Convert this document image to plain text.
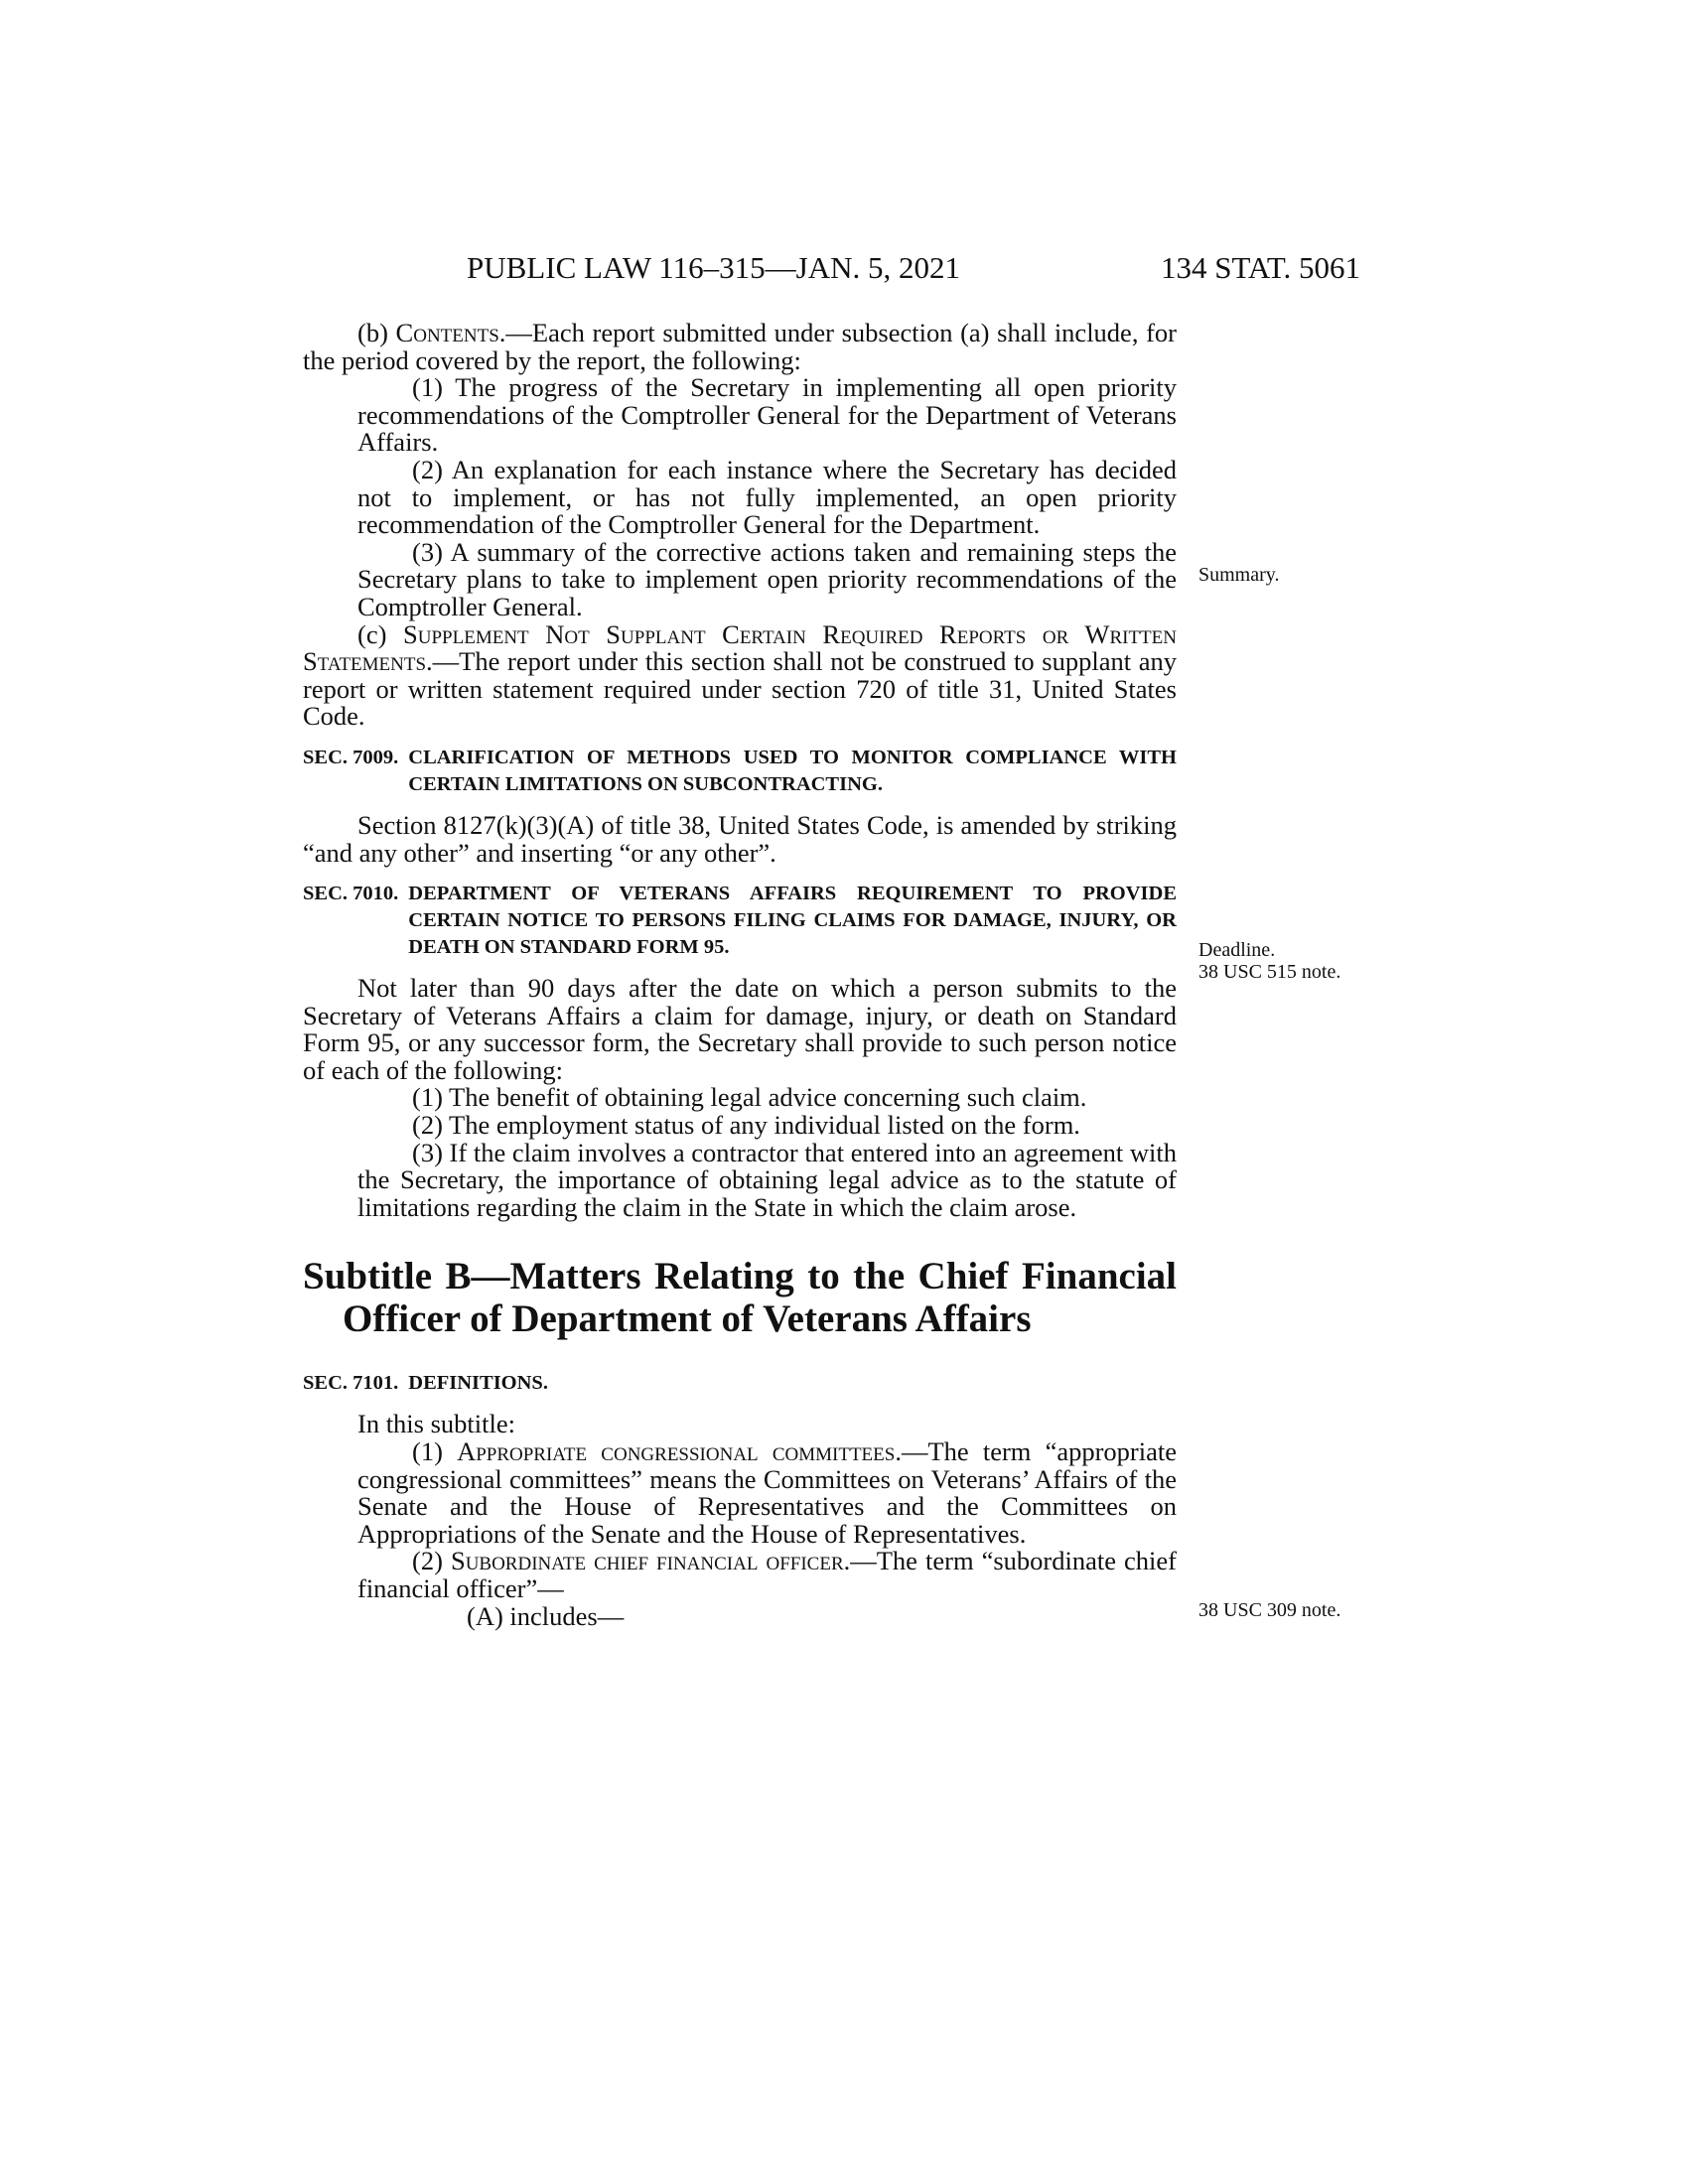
PUBLIC LAW 116–315—JAN. 5, 2021	134 STAT. 5061
Summary.
Deadline.
38 USC 515 note.
38 USC 309 note.

(b) Contents.—Each report submitted under subsection (a) shall include, for the period covered by the report, the following:

(1) The progress of the Secretary in implementing all open priority recommendations of the Comptroller General for the Department of Veterans Affairs.

(2) An explanation for each instance where the Secretary has decided not to implement, or has not fully implemented, an open priority recommendation of the Comptroller General for the Department.

(3) A summary of the corrective actions taken and remaining steps the Secretary plans to take to implement open priority recommendations of the Comptroller General.

(c) Supplement Not Supplant Certain Required Reports or Written Statements.—The report under this section shall not be construed to supplant any report or written statement required under section 720 of title 31, United States Code.

SEC. 7009. CLARIFICATION OF METHODS USED TO MONITOR COMPLIANCE WITH CERTAIN LIMITATIONS ON SUBCONTRACTING.

Section 8127(k)(3)(A) of title 38, United States Code, is amended by striking “and any other” and inserting “or any other”.

SEC. 7010. DEPARTMENT OF VETERANS AFFAIRS REQUIREMENT TO PROVIDE CERTAIN NOTICE TO PERSONS FILING CLAIMS FOR DAMAGE, INJURY, OR DEATH ON STANDARD FORM 95.

Not later than 90 days after the date on which a person submits to the Secretary of Veterans Affairs a claim for damage, injury, or death on Standard Form 95, or any successor form, the Secretary shall provide to such person notice of each of the following:

(1) The benefit of obtaining legal advice concerning such claim.

(2) The employment status of any individual listed on the form.

(3) If the claim involves a contractor that entered into an agreement with the Secretary, the importance of obtaining legal advice as to the statute of limitations regarding the claim in the State in which the claim arose.

Subtitle B—Matters Relating to the Chief Financial Officer of Department of Veterans Affairs
SEC. 7101. DEFINITIONS.

In this subtitle:

(1) Appropriate congressional committees.—The term “appropriate congressional committees” means the Committees on Veterans’ Affairs of the Senate and the House of Representatives and the Committees on Appropriations of the Senate and the House of Representatives.

(2) Subordinate chief financial officer.—The term “subordinate chief financial officer”—

(A) includes—
